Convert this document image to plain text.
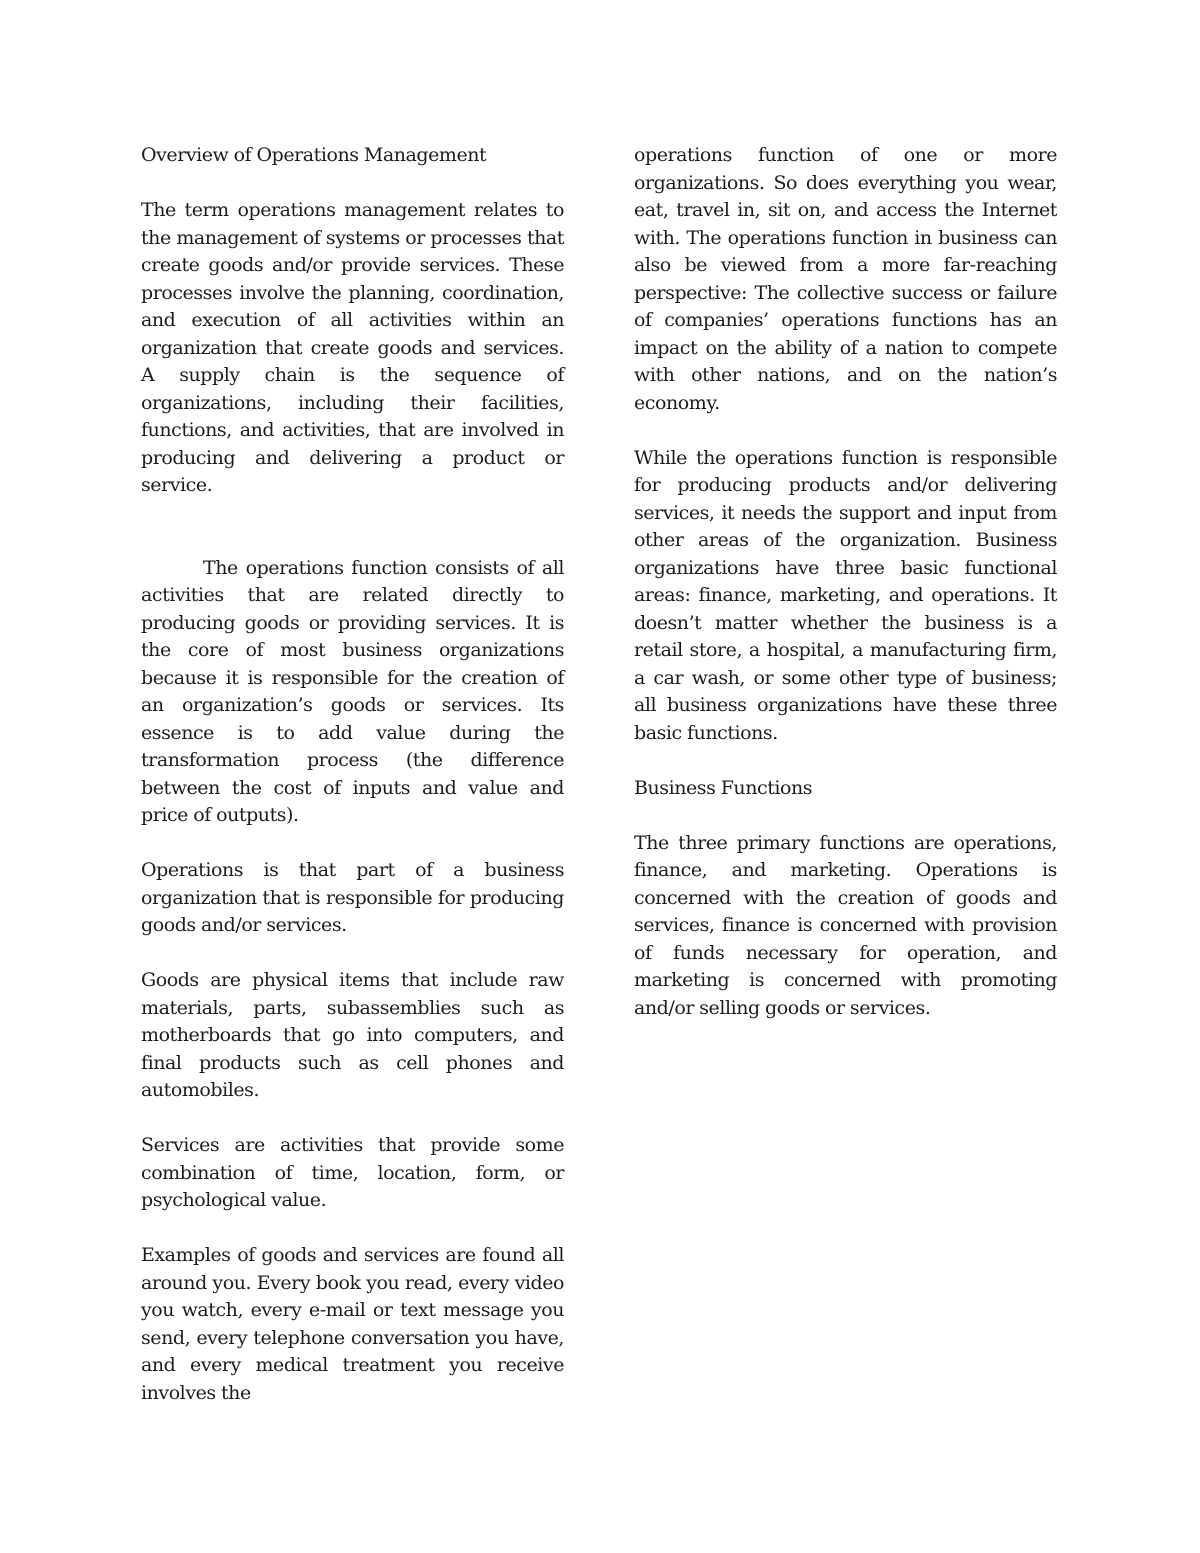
Overview of Operations Management

The term operations management relates to the management of systems or processes that create goods and/or provide services. These processes involve the planning, coordination, and execution of all activities within an organization that create goods and services. A supply chain is the sequence of organizations, including their facilities, functions, and activities, that are involved in producing and delivering a product or service.

The operations function consists of all activities that are related directly to producing goods or providing services. It is the core of most business organizations because it is responsible for the creation of an organization’s goods or services. Its essence is to add value during the transformation process (the difference between the cost of inputs and value and price of outputs).

Operations is that part of a business organization that is responsible for producing goods and/or services.

Goods are physical items that include raw materials, parts, subassemblies such as motherboards that go into computers, and final products such as cell phones and automobiles.

Services are activities that provide some combination of time, location, form, or psychological value.

Examples of goods and services are found all around you. Every book you read, every video you watch, every e-mail or text message you send, every telephone conversation you have, and every medical treatment you receive involves the

operations function of one or more organizations. So does everything you wear, eat, travel in, sit on, and access the Internet with. The operations function in business can also be viewed from a more far-reaching perspective: The collective success or failure of companies’ operations functions has an impact on the ability of a nation to compete with other nations, and on the nation’s economy.

While the operations function is responsible for producing products and/or delivering services, it needs the support and input from other areas of the organization. Business organizations have three basic functional areas: finance, marketing, and operations. It doesn’t matter whether the business is a retail store, a hospital, a manufacturing firm, a car wash, or some other type of business; all business organizations have these three basic functions.

Business Functions

The three primary functions are operations, finance, and marketing. Operations is concerned with the creation of goods and services, finance is concerned with provision of funds necessary for operation, and marketing is concerned with promoting and/or selling goods or services.
